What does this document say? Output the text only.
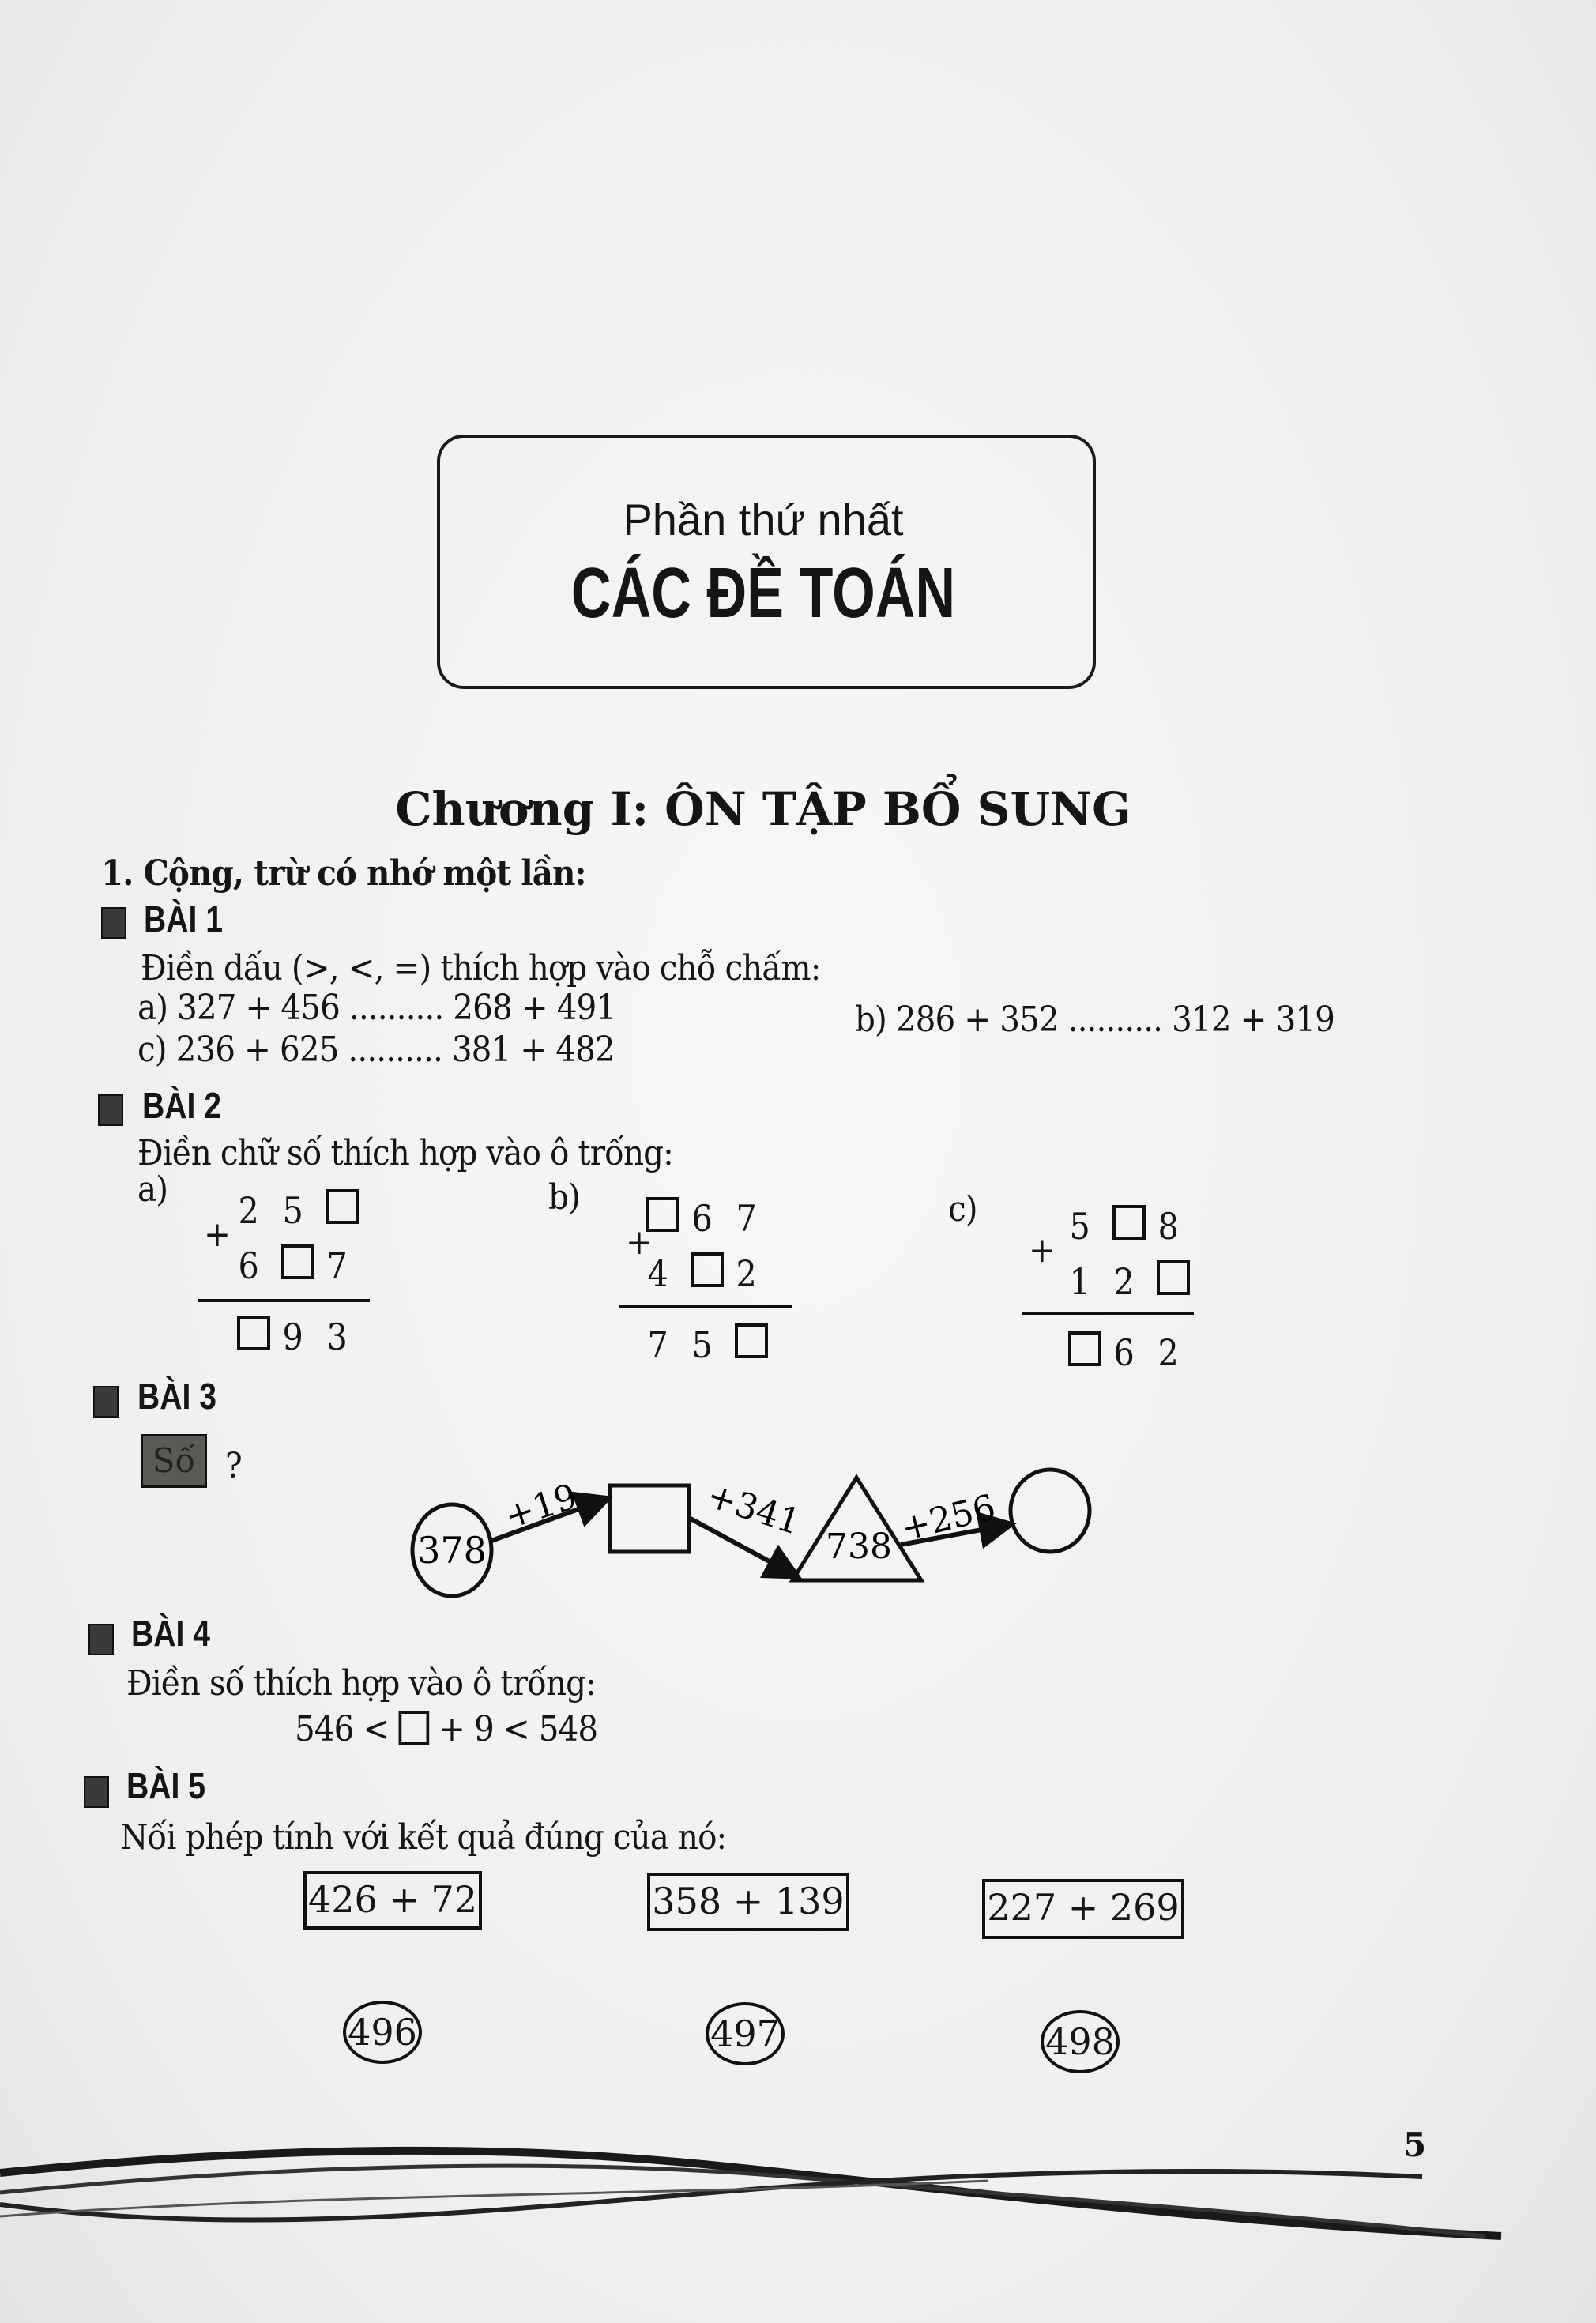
Phần thứ nhất
CÁC ĐỀ TOÁN
Chương I: ÔN TẬP BỔ SUNG
1. Cộng, trừ có nhớ một lần:
BÀI 1
Điền dấu (>, <, =) thích hợp vào chỗ chấm:
a) 327 + 456 .......... 268 + 491	b) 286 + 352 .......... 312 + 319
c) 236 + 625 .......... 381 + 482
BÀI 2
Điền chữ số thích hợp vào ô trống:
a)
+
2 5
6 7
9 3
b)
+
6 7
4 2
7 5
c)
+
5 8
1 2
6 2
BÀI 3
Số ?
378
+19	+341
738 +256
BÀI 4
Điền số thích hợp vào ô trống:
546 < + 9 < 548
BÀI 5
Nối phép tính với kết quả đúng của nó:
426 + 72	358 + 139	227 + 269
496	497	498
5
